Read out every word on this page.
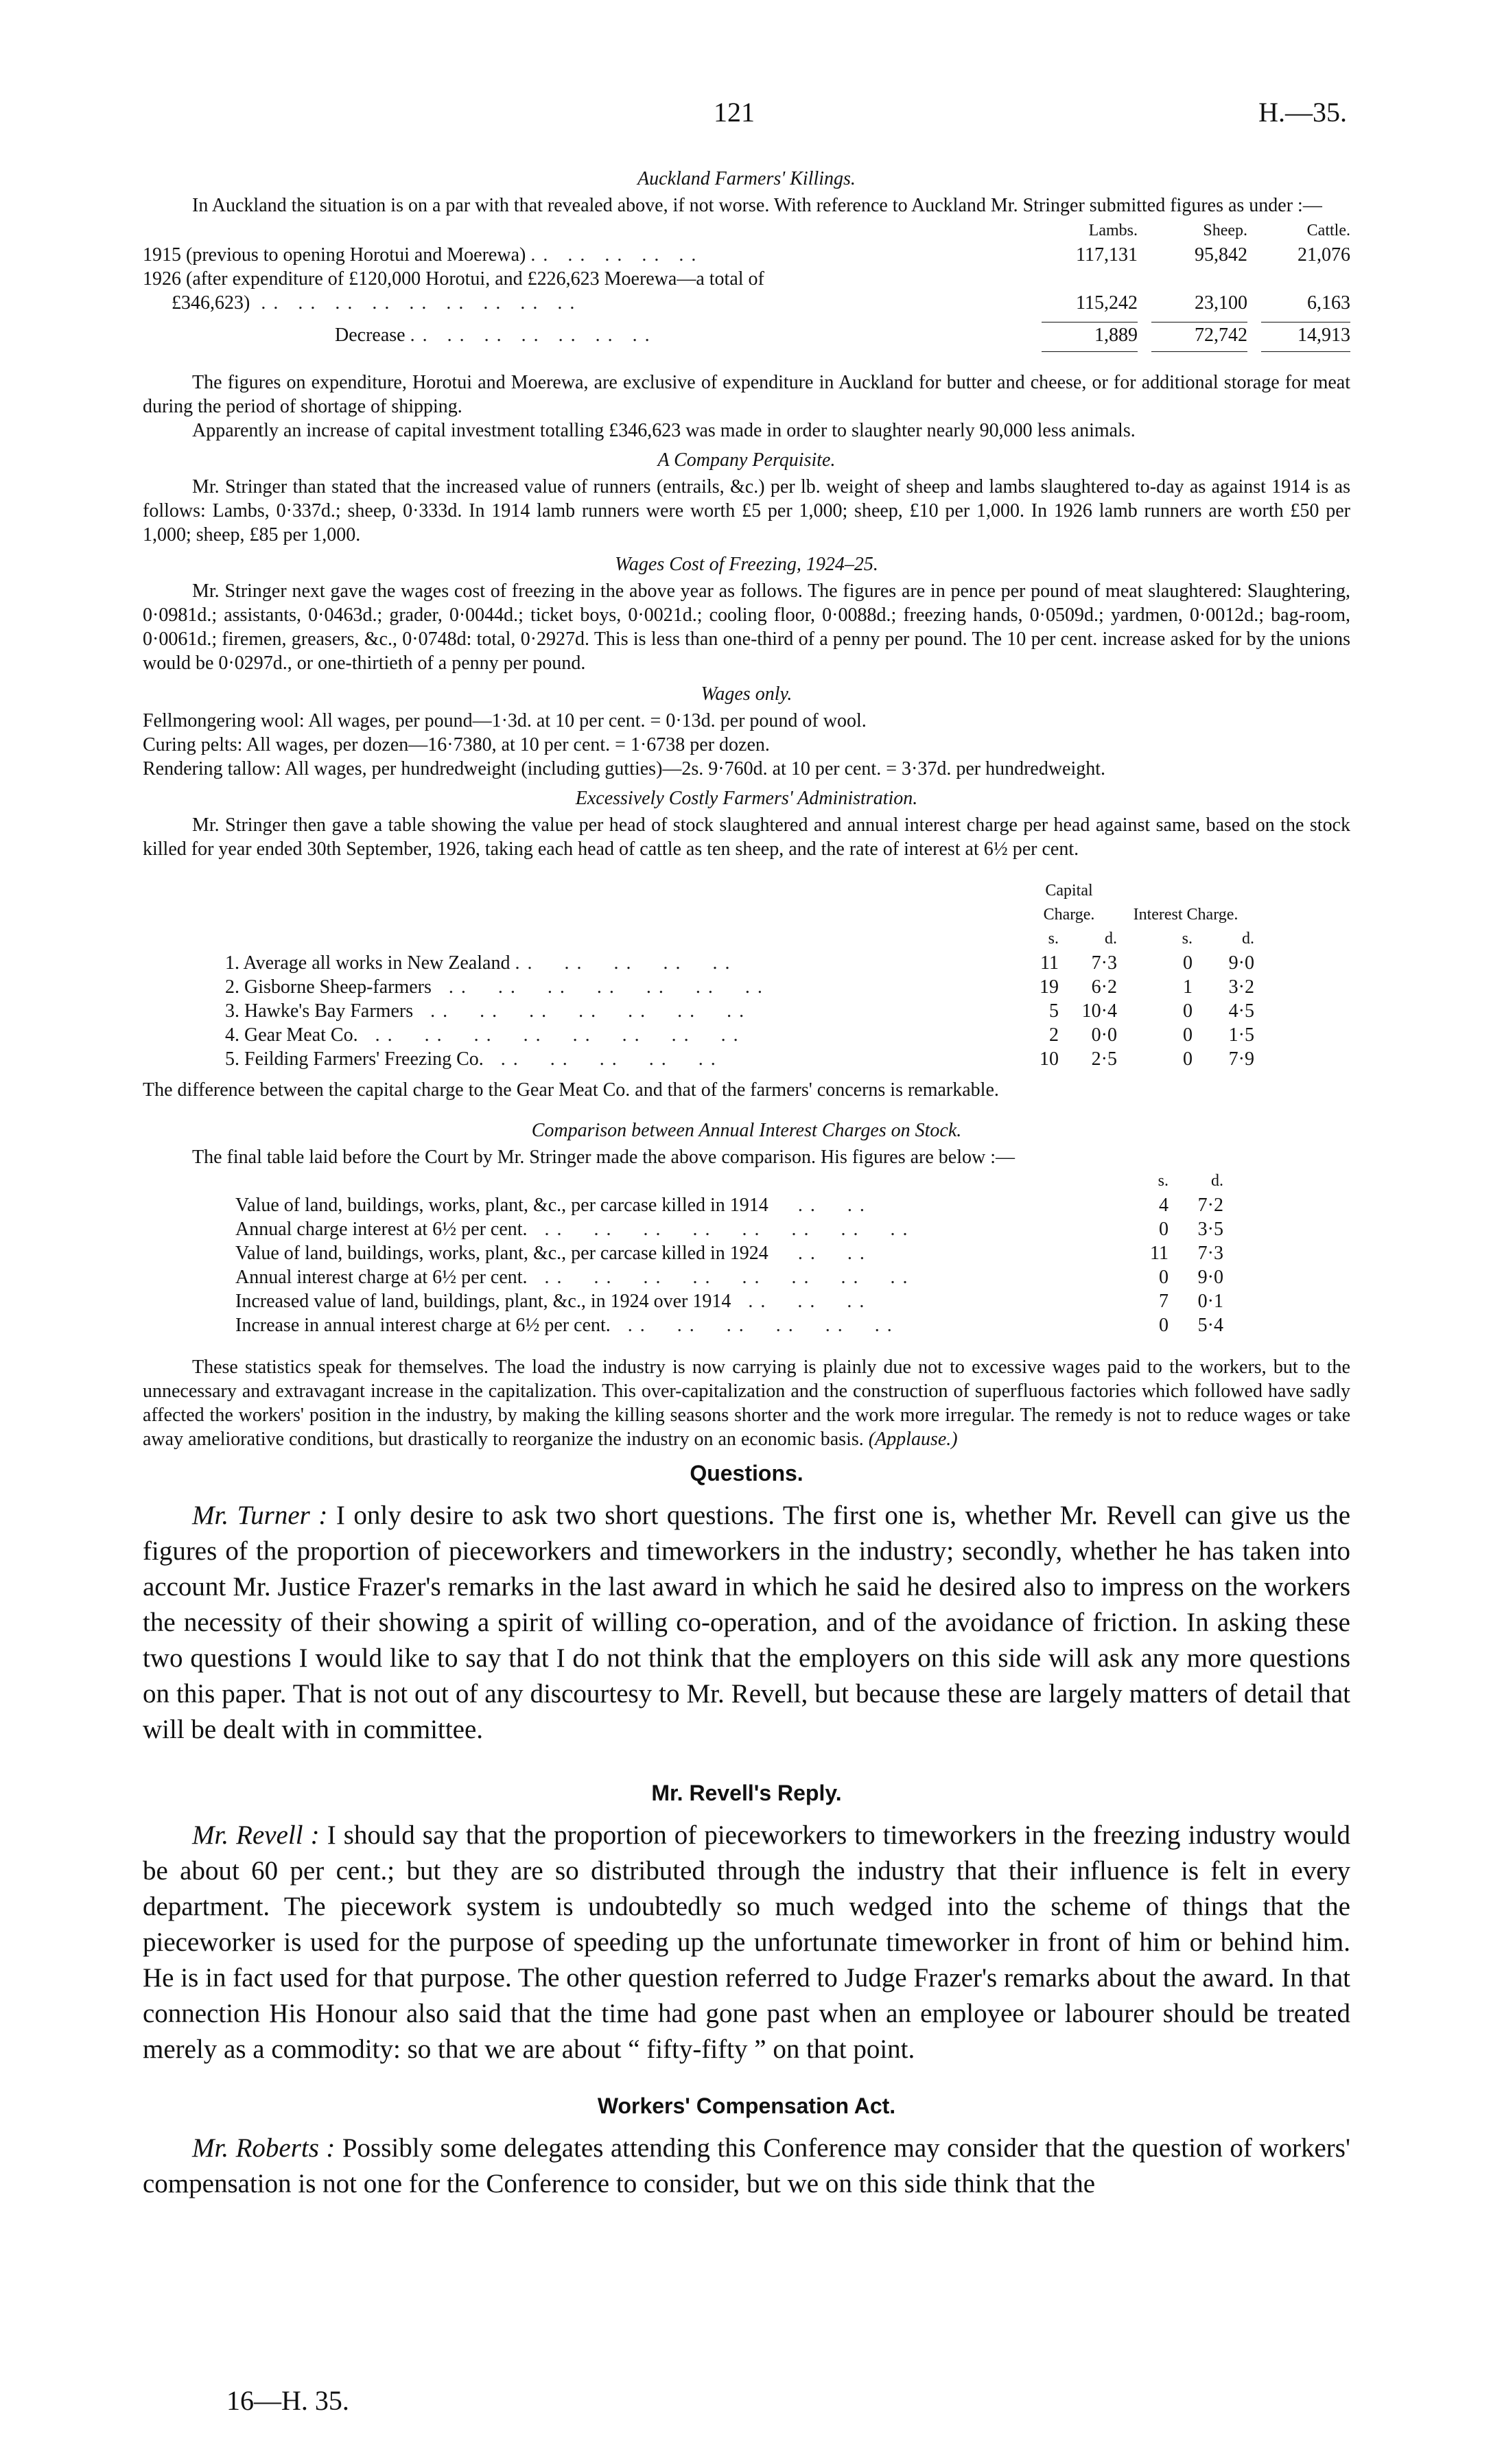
121	H.—35.
Auckland Farmers' Killings.

In Auckland the situation is on a par with that revealed above, if not worse. With reference to Auckland Mr. Stringer submitted figures as under :—

	Lambs.	Sheep.	Cattle.
1915 (previous to opening Horotui and Moerewa) . .   . .   . .   . .   . .	117,131	95,842	21,076
1926 (after expenditure of £120,000 Horotui, and £226,623 Moerewa—a total of			
£346,623)  . .   . .   . .   . .   . .   . .   . .   . .   . .	115,242	23,100	6,163

Decrease . .   . .   . .   . .   . .   . .   . .	1,889	72,742	14,913

The figures on expenditure, Horotui and Moerewa, are exclusive of expenditure in Auckland for butter and cheese, or for additional storage for meat during the period of shortage of shipping.

Apparently an increase of capital investment totalling £346,623 was made in order to slaughter nearly 90,000 less animals.

A Company Perquisite.

Mr. Stringer than stated that the increased value of runners (entrails, &c.) per lb. weight of sheep and lambs slaughtered to-day as against 1914 is as follows: Lambs, 0·337d.; sheep, 0·333d. In 1914 lamb runners were worth £5 per 1,000; sheep, £10 per 1,000. In 1926 lamb runners are worth £50 per 1,000; sheep, £85 per 1,000.

Wages Cost of Freezing, 1924–25.

Mr. Stringer next gave the wages cost of freezing in the above year as follows. The figures are in pence per pound of meat slaughtered: Slaughtering, 0·0981d.; assistants, 0·0463d.; grader, 0·0044d.; ticket boys, 0·0021d.; cooling floor, 0·0088d.; freezing hands, 0·0509d.; yardmen, 0·0012d.; bag-room, 0·0061d.; firemen, greasers, &c., 0·0748d: total, 0·2927d. This is less than one-third of a penny per pound. The 10 per cent. increase asked for by the unions would be 0·0297d., or one-thirtieth of a penny per pound.

Wages only.

Fellmongering wool: All wages, per pound—1·3d. at 10 per cent. = 0·13d. per pound of wool.

Curing pelts: All wages, per dozen—16·7380, at 10 per cent. = 1·6738 per dozen.

Rendering tallow: All wages, per hundredweight (including gutties)—2s. 9·760d. at 10 per cent. = 3·37d. per hundredweight.

Excessively Costly Farmers' Administration.

Mr. Stringer then gave a table showing the value per head of stock slaughtered and annual interest charge per head against same, based on the stock killed for year ended 30th September, 1926, taking each head of cattle as ten sheep, and the rate of interest at 6½ per cent.

	Capital Charge.		Interest Charge.	
	s.	d.	s.	d.
1. Average all works in New Zealand . .     . .     . .     . .     . .	11	7·3	0	9·0
2. Gisborne Sheep-farmers   . .     . .     . .     . .     . .     . .     . .	19	6·2	1	3·2
3. Hawke's Bay Farmers   . .     . .     . .     . .     . .     . .     . .	5	10·4	0	4·5
4. Gear Meat Co.   . .     . .     . .     . .     . .     . .     . .     . .	2	0·0	0	1·5
5. Feilding Farmers' Freezing Co.   . .     . .     . .     . .     . .	10	2·5	0	7·9

The difference between the capital charge to the Gear Meat Co. and that of the farmers' concerns is remarkable.

Comparison between Annual Interest Charges on Stock.

The final table laid before the Court by Mr. Stringer made the above comparison. His figures are below :—

	s.	d.
Value of land, buildings, works, plant, &c., per carcase killed in 1914     . .     . .	4	7·2
Annual charge interest at 6½ per cent.   . .     . .     . .     . .     . .     . .     . .     . .	0	3·5
Value of land, buildings, works, plant, &c., per carcase killed in 1924     . .     . .	11	7·3
Annual interest charge at 6½ per cent.   . .     . .     . .     . .     . .     . .     . .     . .	0	9·0
Increased value of land, buildings, plant, &c., in 1924 over 1914   . .     . .     . .	7	0·1
Increase in annual interest charge at 6½ per cent.   . .     . .     . .     . .     . .     . .	0	5·4

These statistics speak for themselves. The load the industry is now carrying is plainly due not to excessive wages paid to the workers, but to the unnecessary and extravagant increase in the capitalization. This over-capitalization and the construction of superfluous factories which followed have sadly affected the workers' position in the industry, by making the killing seasons shorter and the work more irregular. The remedy is not to reduce wages or take away ameliorative conditions, but drastically to reorganize the industry on an economic basis. (Applause.)

Questions.

Mr. Turner : I only desire to ask two short questions. The first one is, whether Mr. Revell can give us the figures of the proportion of pieceworkers and timeworkers in the industry; secondly, whether he has taken into account Mr. Justice Frazer's remarks in the last award in which he said he desired also to impress on the workers the necessity of their showing a spirit of willing co-operation, and of the avoidance of friction. In asking these two questions I would like to say that I do not think that the employers on this side will ask any more questions on this paper. That is not out of any discourtesy to Mr. Revell, but because these are largely matters of detail that will be dealt with in committee.

Mr. Revell's Reply.

Mr. Revell : I should say that the proportion of pieceworkers to timeworkers in the freezing industry would be about 60 per cent.; but they are so distributed through the industry that their influence is felt in every department. The piecework system is undoubtedly so much wedged into the scheme of things that the pieceworker is used for the purpose of speeding up the unfortunate timeworker in front of him or behind him. He is in fact used for that purpose. The other question referred to Judge Frazer's remarks about the award. In that connection His Honour also said that the time had gone past when an employee or labourer should be treated merely as a commodity: so that we are about “ fifty-fifty ” on that point.

Workers' Compensation Act.

Mr. Roberts : Possibly some delegates attending this Conference may consider that the question of workers' compensation is not one for the Conference to consider, but we on this side think that the

16—H. 35.
